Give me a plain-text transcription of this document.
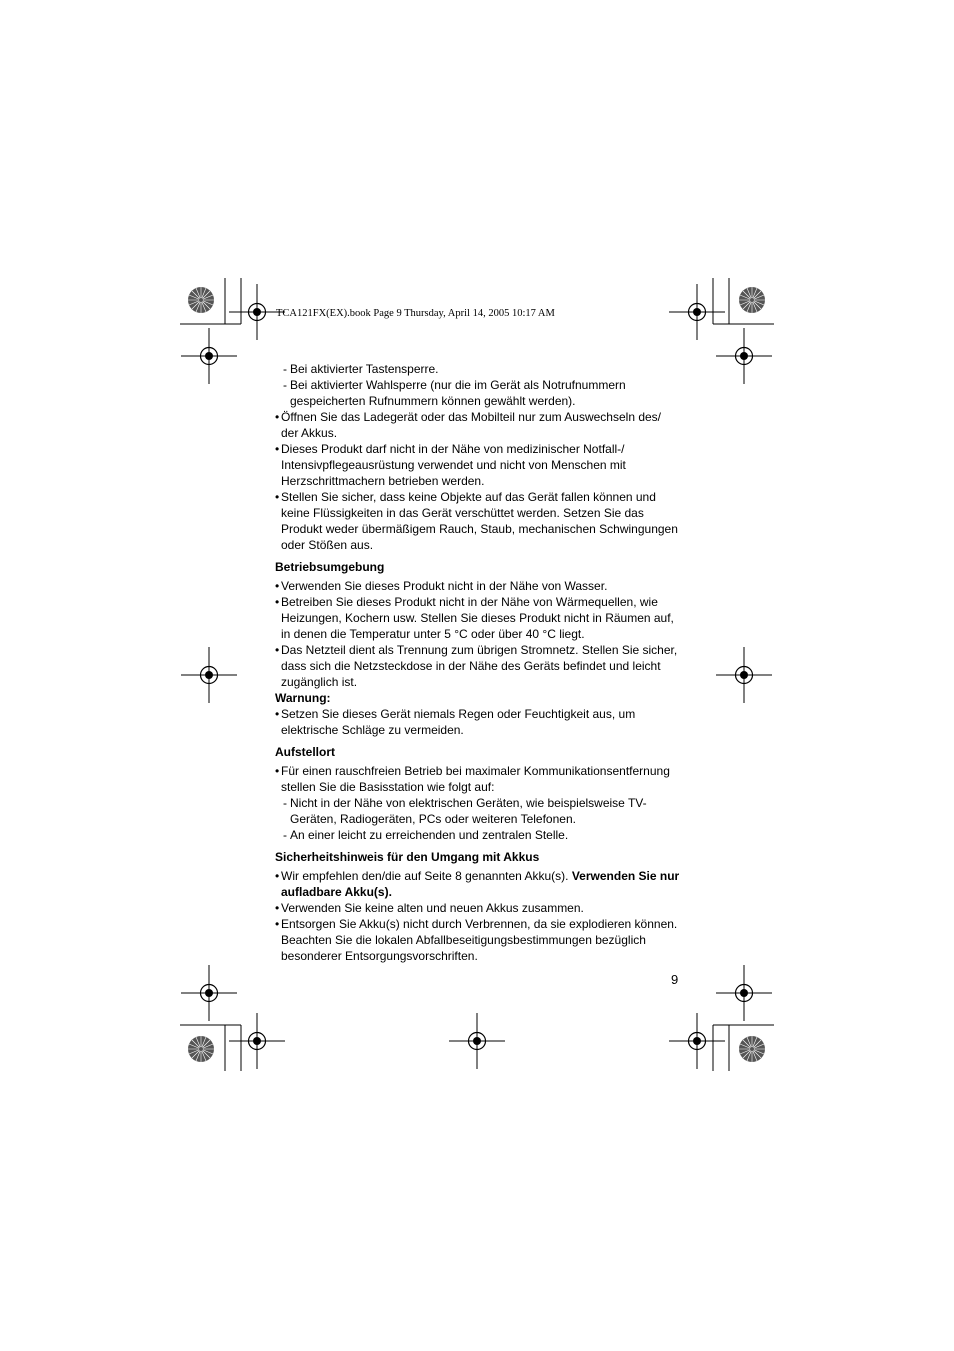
TCA121FX(EX).book Page 9 Thursday, April 14, 2005 10:17 AM

- Bei aktivierter Tastensperre.

- Bei aktivierter Wahlsperre (nur die im Gerät als Notrufnummern gespeicherten Rufnummern können gewählt werden).

• Öffnen Sie das Ladegerät oder das Mobilteil nur zum Auswechseln des/ der Akkus.

• Dieses Produkt darf nicht in der Nähe von medizinischer Notfall-/ Intensivpflegeausrüstung verwendet und nicht von Menschen mit Herzschrittmachern betrieben werden.

• Stellen Sie sicher, dass keine Objekte auf das Gerät fallen können und keine Flüssigkeiten in das Gerät verschüttet werden. Setzen Sie das Produkt weder übermäßigem Rauch, Staub, mechanischen Schwingungen oder Stößen aus.

Betriebsumgebung

• Verwenden Sie dieses Produkt nicht in der Nähe von Wasser.

• Betreiben Sie dieses Produkt nicht in der Nähe von Wärmequellen, wie Heizungen, Kochern usw. Stellen Sie dieses Produkt nicht in Räumen auf, in denen die Temperatur unter 5 °C oder über 40 °C liegt.

• Das Netzteil dient als Trennung zum übrigen Stromnetz. Stellen Sie sicher, dass sich die Netzsteckdose in der Nähe des Geräts befindet und leicht zugänglich ist.

Warnung:

• Setzen Sie dieses Gerät niemals Regen oder Feuchtigkeit aus, um elektrische Schläge zu vermeiden.

Aufstellort

• Für einen rauschfreien Betrieb bei maximaler Kommunikationsentfernung stellen Sie die Basisstation wie folgt auf:

- Nicht in der Nähe von elektrischen Geräten, wie beispielsweise TV-Geräten, Radiogeräten, PCs oder weiteren Telefonen.

- An einer leicht zu erreichenden und zentralen Stelle.

Sicherheitshinweis für den Umgang mit Akkus

• Wir empfehlen den/die auf Seite 8 genannten Akku(s). Verwenden Sie nur aufladbare Akku(s).

• Verwenden Sie keine alten und neuen Akkus zusammen.

• Entsorgen Sie Akku(s) nicht durch Verbrennen, da sie explodieren können. Beachten Sie die lokalen Abfallbeseitigungsbestimmungen bezüglich besonderer Entsorgungsvorschriften.

9
